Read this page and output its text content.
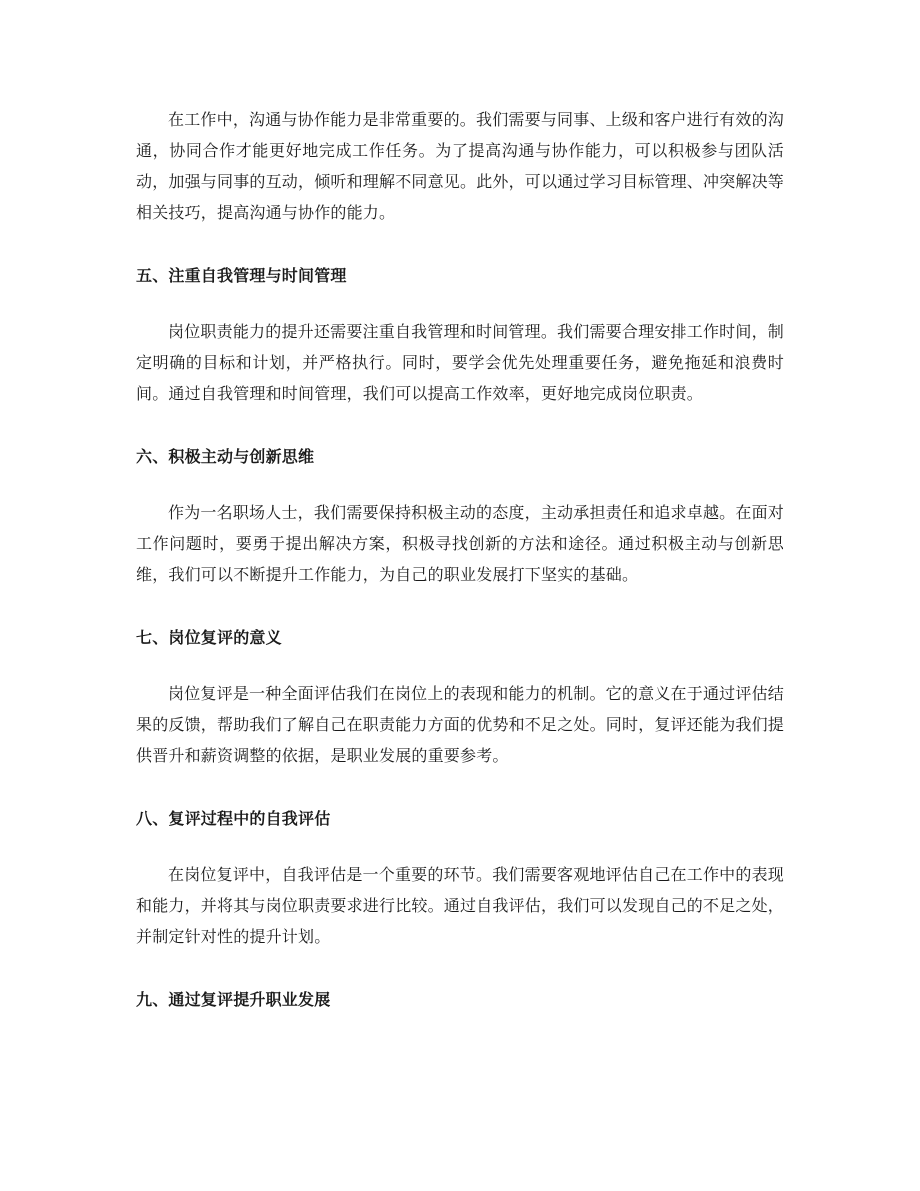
在工作中，沟通与协作能力是非常重要的。我们需要与同事、上级和客户进行有效的沟通，协同合作才能更好地完成工作任务。为了提高沟通与协作能力，可以积极参与团队活动，加强与同事的互动，倾听和理解不同意见。此外，可以通过学习目标管理、冲突解决等相关技巧，提高沟通与协作的能力。

五、注重自我管理与时间管理

岗位职责能力的提升还需要注重自我管理和时间管理。我们需要合理安排工作时间，制定明确的目标和计划，并严格执行。同时，要学会优先处理重要任务，避免拖延和浪费时间。通过自我管理和时间管理，我们可以提高工作效率，更好地完成岗位职责。

六、积极主动与创新思维

作为一名职场人士，我们需要保持积极主动的态度，主动承担责任和追求卓越。在面对工作问题时，要勇于提出解决方案，积极寻找创新的方法和途径。通过积极主动与创新思维，我们可以不断提升工作能力，为自己的职业发展打下坚实的基础。

七、岗位复评的意义

岗位复评是一种全面评估我们在岗位上的表现和能力的机制。它的意义在于通过评估结果的反馈，帮助我们了解自己在职责能力方面的优势和不足之处。同时，复评还能为我们提供晋升和薪资调整的依据，是职业发展的重要参考。

八、复评过程中的自我评估

在岗位复评中，自我评估是一个重要的环节。我们需要客观地评估自己在工作中的表现和能力，并将其与岗位职责要求进行比较。通过自我评估，我们可以发现自己的不足之处，并制定针对性的提升计划。

九、通过复评提升职业发展
